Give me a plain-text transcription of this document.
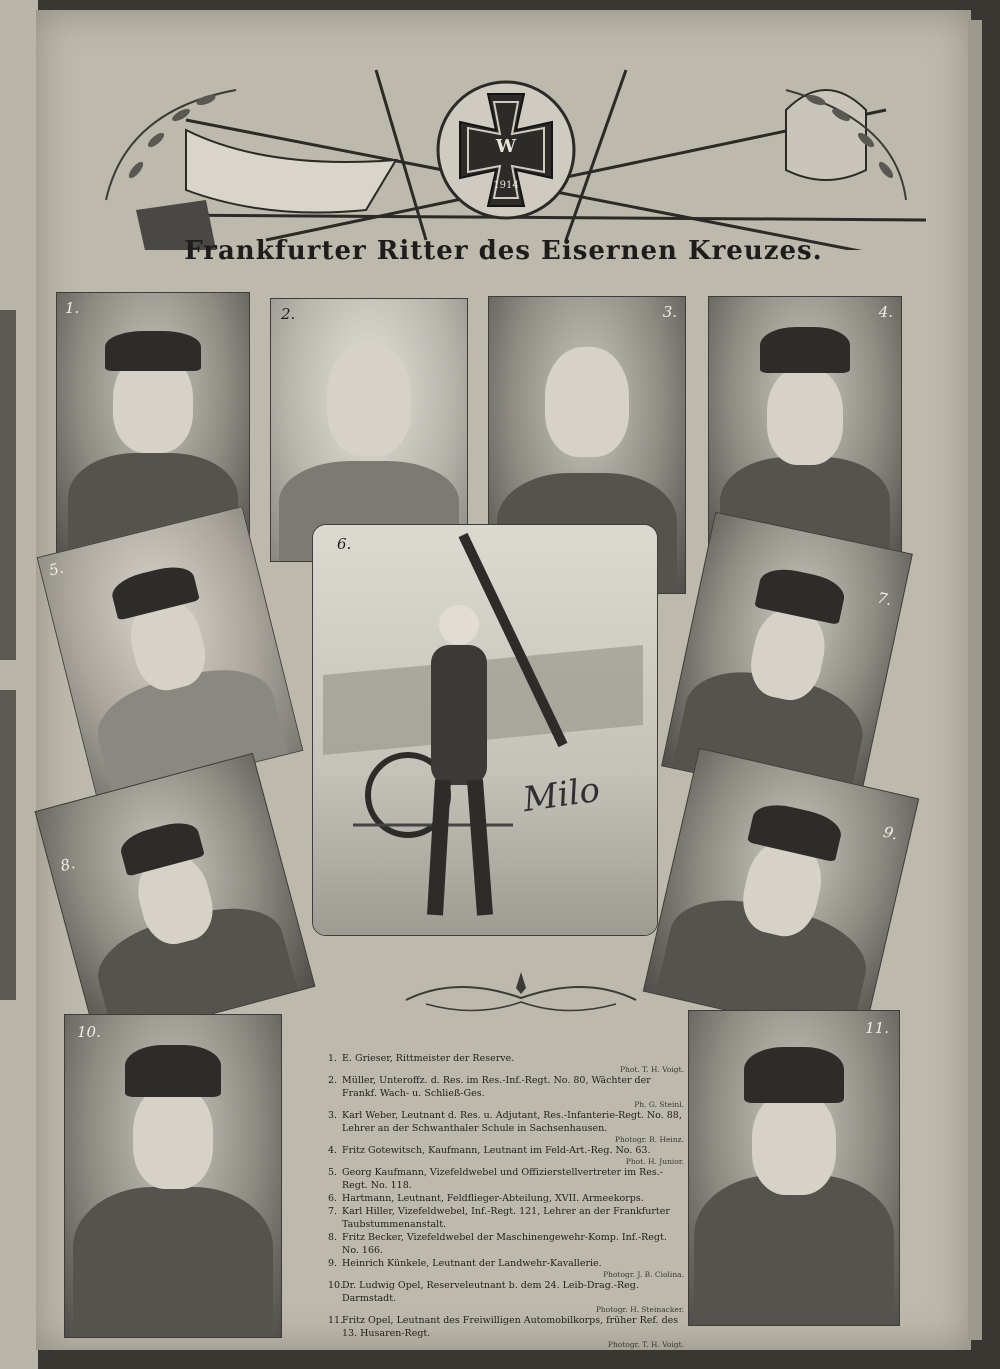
W
1914
Frankfurter Ritter des Eisernen Kreuzes.
1.	2.	3.	4.
5.
6.
Milo
7.
8.
9.
10.	11.
1. E. Grieser, Rittmeister der Reserve.
Phot. T. H. Voigt.
2. Müller, Unteroffz. d. Res. im Res.-Inf.-Regt. No. 80, Wächter der Frankf. Wach- u. Schließ-Ges.
Ph. G. Steinl.
3. Karl Weber, Leutnant d. Res. u. Adjutant, Res.-Infanterie-Regt. No. 88, Lehrer an der Schwanthaler Schule in Sachsenhausen.
Photogr. B. Heinz.
4. Fritz Gotewitsch, Kaufmann, Leutnant im Feld-Art.-Reg. No. 63.
Phot. H. Junior.
5. Georg Kaufmann, Vizefeldwebel und Offizierstellvertreter im Res.-Regt. No. 118.
6. Hartmann, Leutnant, Feldflieger-Abteilung, XVII. Armeekorps.
7. Karl Hiller, Vizefeldwebel, Inf.-Regt. 121, Lehrer an der Frankfurter Taubstummenanstalt.
8. Fritz Becker, Vizefeldwebel der Maschinengewehr-Komp. Inf.-Regt. No. 166.
9. Heinrich Künkele, Leutnant der Landwehr-Kavallerie.
Photogr. J. B. Ciolina.
10.
Dr. Ludwig Opel, Reserveleutnant b. dem 24. Leib-Drag.-Reg. Darmstadt.
Photogr. H. Steinacker.
11.
Fritz Opel, Leutnant des Freiwilligen Automobilkorps, früher Ref. des 13. Husaren-Regt.
Photogr. T. H. Voigt.
